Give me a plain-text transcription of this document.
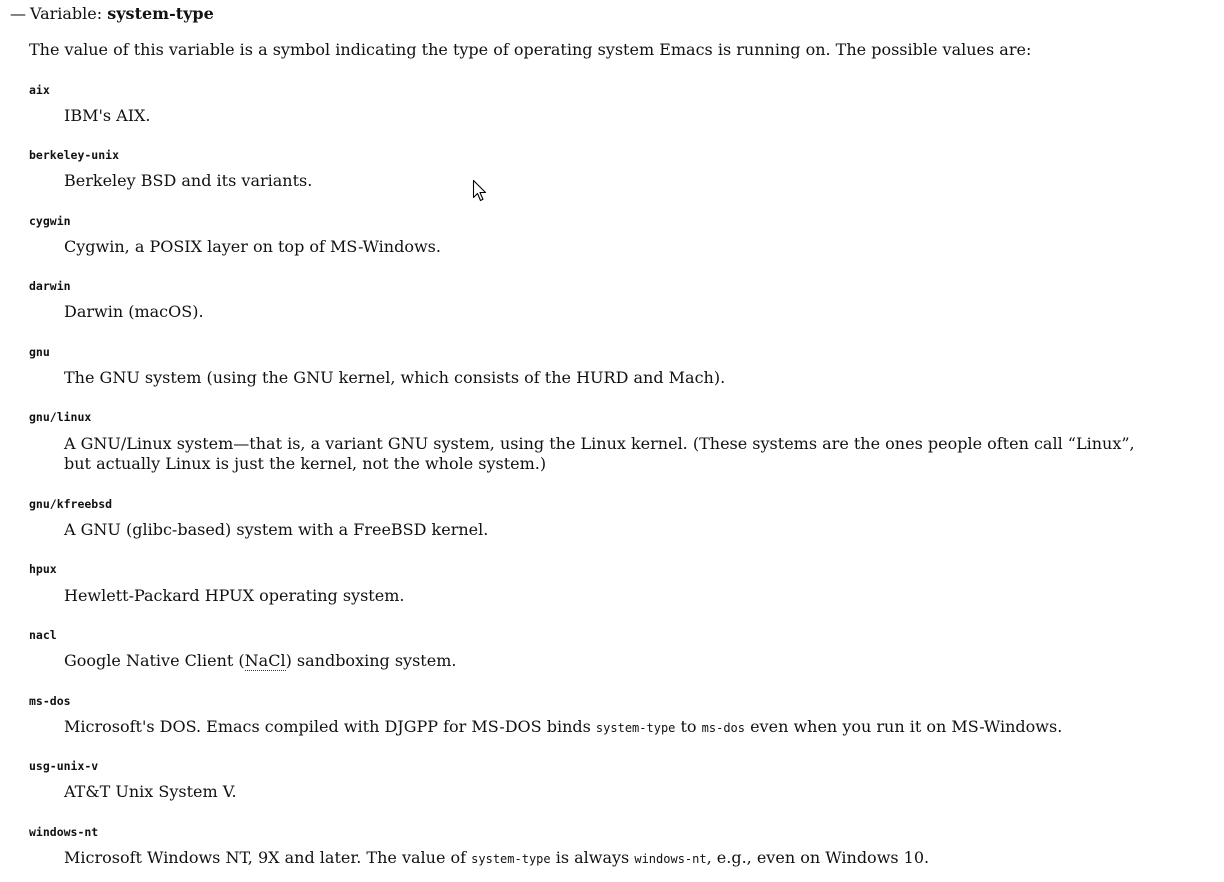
— Variable: system-type
The value of this variable is a symbol indicating the type of operating system Emacs is running on. The possible values are:
aix
IBM's AIX.
berkeley-unix
Berkeley BSD and its variants.
cygwin
Cygwin, a POSIX layer on top of MS-Windows.
darwin
Darwin (macOS).
gnu
The GNU system (using the GNU kernel, which consists of the HURD and Mach).
gnu/linux
A GNU/Linux system—that is, a variant GNU system, using the Linux kernel. (These systems are the ones people often call “Linux”,
but actually Linux is just the kernel, not the whole system.)
gnu/kfreebsd
A GNU (glibc-based) system with a FreeBSD kernel.
hpux
Hewlett-Packard HPUX operating system.
nacl
Google Native Client (NaCl) sandboxing system.
ms-dos
Microsoft's DOS. Emacs compiled with DJGPP for MS-DOS binds system-type to ms-dos even when you run it on MS-Windows.
usg-unix-v
AT&T Unix System V.
windows-nt
Microsoft Windows NT, 9X and later. The value of system-type is always windows-nt, e.g., even on Windows 10.
